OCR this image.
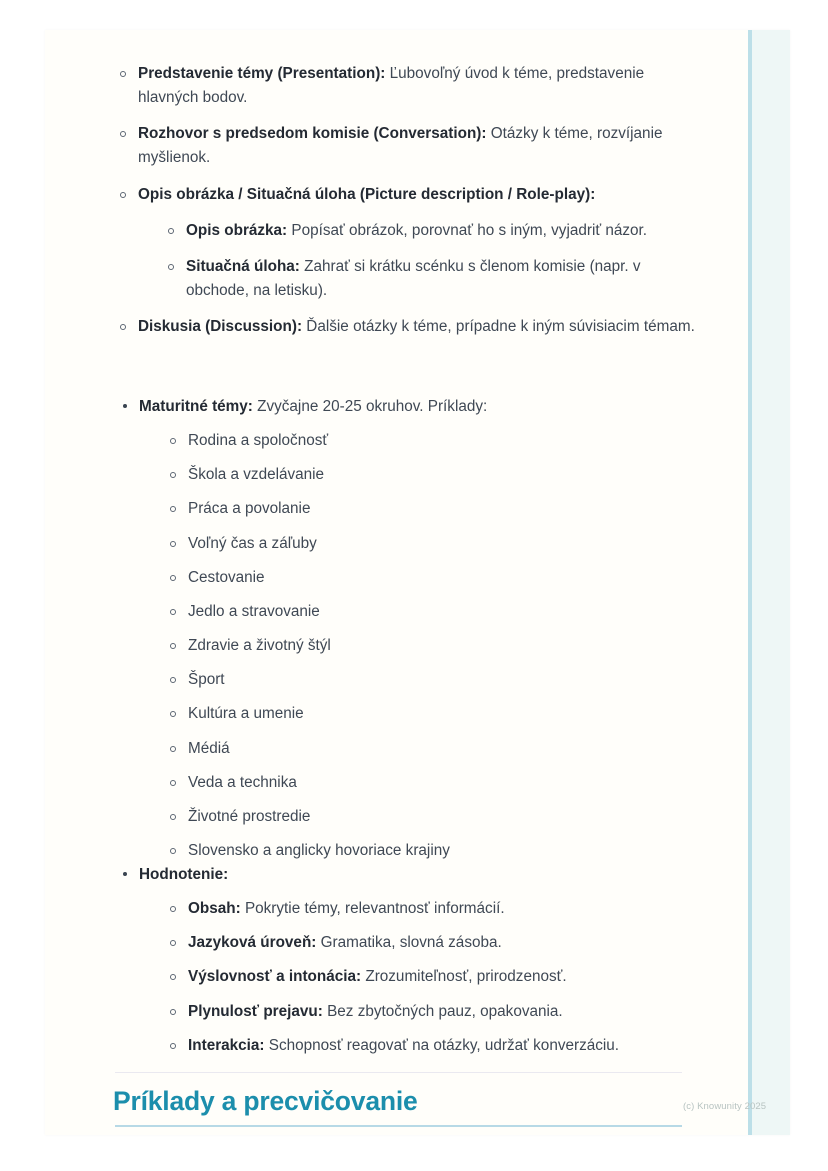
Predstavenie témy (Presentation): Ľubovoľný úvod k téme, predstavenie hlavných bodov.
Rozhovor s predsedom komisie (Conversation): Otázky k téme, rozvíjanie myšlienok.
Opis obrázka / Situačná úloha (Picture description / Role-play):
Opis obrázka: Popísať obrázok, porovnať ho s iným, vyjadriť názor.
Situačná úloha: Zahrať si krátku scénku s členom komisie (napr. v obchode, na letisku).
Diskusia (Discussion): Ďalšie otázky k téme, prípadne k iným súvisiacim témam.
Maturitné témy: Zvyčajne 20-25 okruhov. Príklady:
Rodina a spoločnosť
Škola a vzdelávanie
Práca a povolanie
Voľný čas a záľuby
Cestovanie
Jedlo a stravovanie
Zdravie a životný štýl
Šport
Kultúra a umenie
Médiá
Veda a technika
Životné prostredie
Slovensko a anglicky hovoriace krajiny
Hodnotenie:
Obsah: Pokrytie témy, relevantnosť informácií.
Jazyková úroveň: Gramatika, slovná zásoba.
Výslovnosť a intonácia: Zrozumiteľnosť, prirodzenosť.
Plynulosť prejavu: Bez zbytočných pauz, opakovania.
Interakcia: Schopnosť reagovať na otázky, udržať konverzáciu.
Príklady a precvičovanie	(c) Knowunity 2025
